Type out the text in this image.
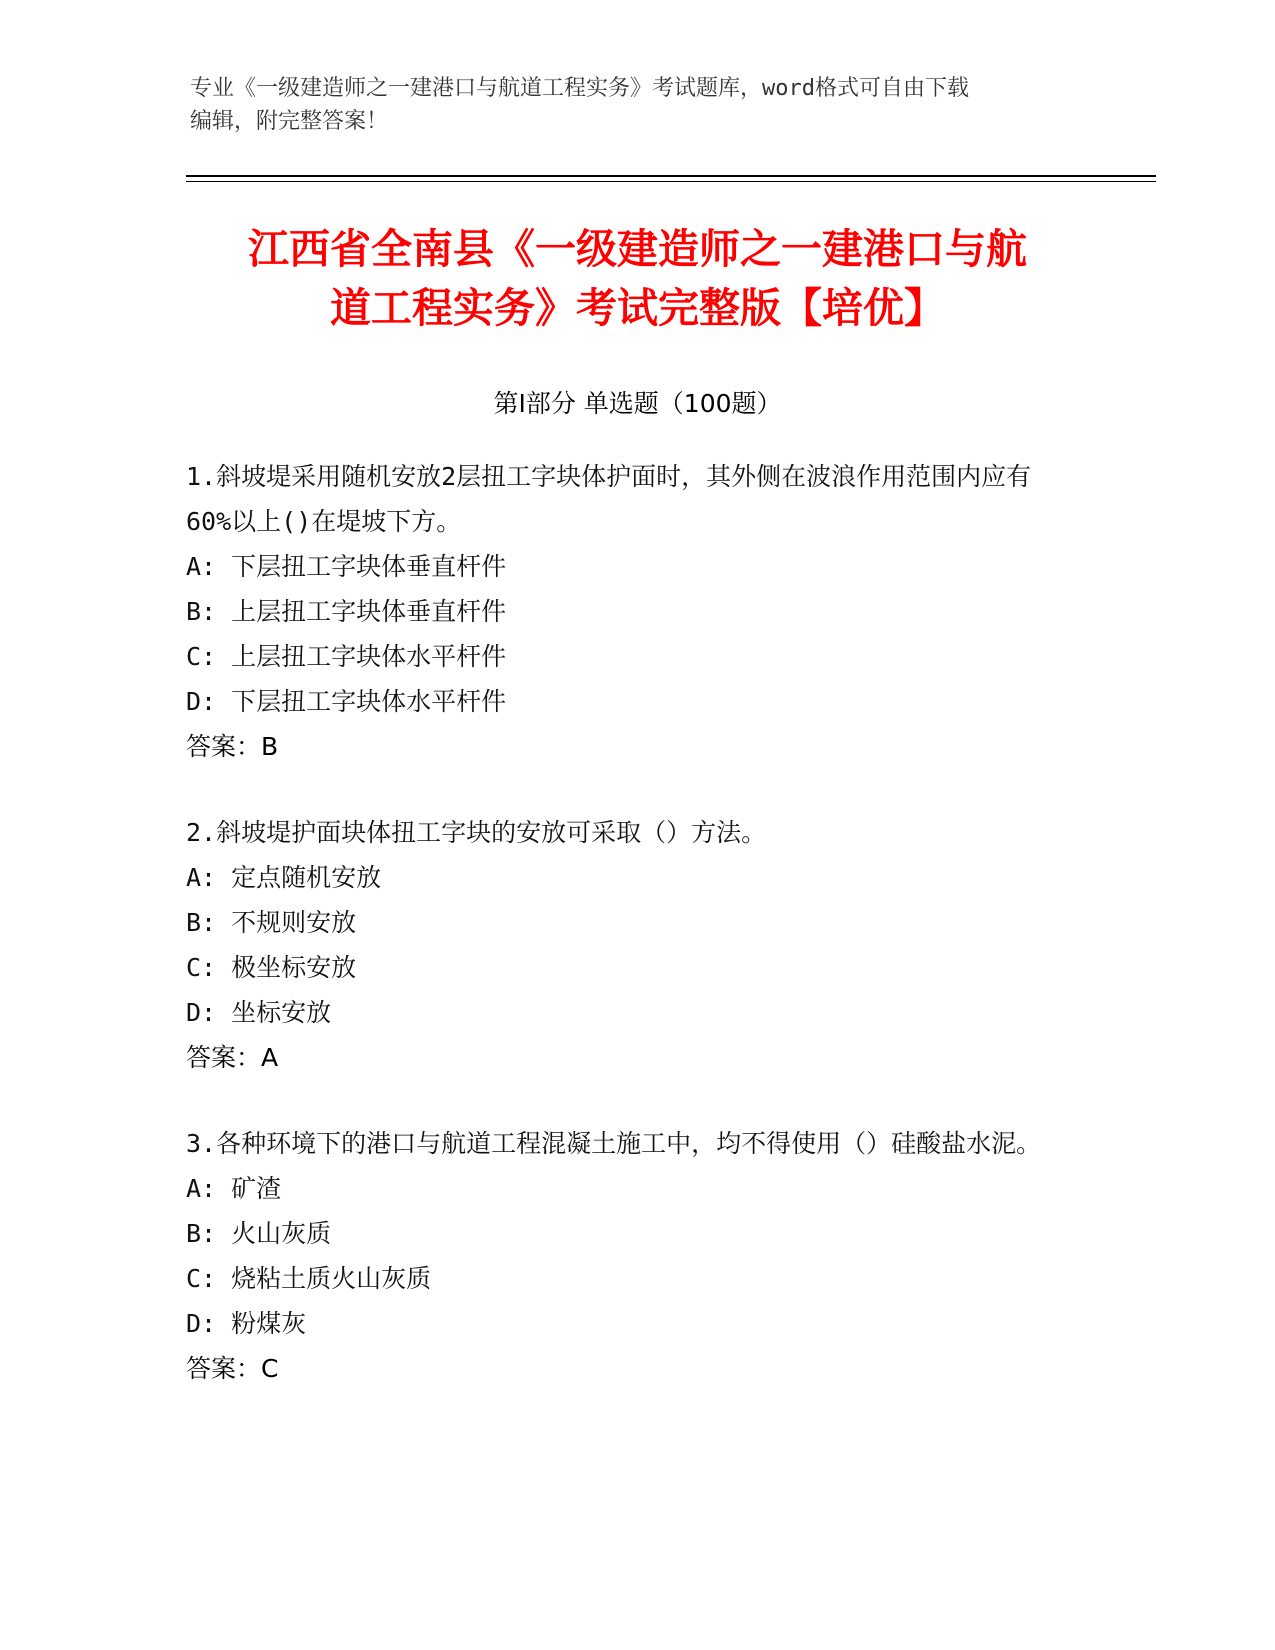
专业《一级建造师之一建港口与航道工程实务》考试题库，word格式可自由下载
编辑，附完整答案！
江西省全南县《一级建造师之一建港口与航
道工程实务》考试完整版【培优】
第Ⅰ部分 单选题（100题）
1.斜坡堤采用随机安放2层扭工字块体护面时，其外侧在波浪作用范围内应有60%以上()在堤坡下方。
A: 下层扭工字块体垂直杆件
B: 上层扭工字块体垂直杆件
C: 上层扭工字块体水平杆件
D: 下层扭工字块体水平杆件
答案：B
2.斜坡堤护面块体扭工字块的安放可采取（）方法。
A: 定点随机安放
B: 不规则安放
C: 极坐标安放
D: 坐标安放
答案：A
3.各种环境下的港口与航道工程混凝土施工中，均不得使用（）硅酸盐水泥。
A: 矿渣
B: 火山灰质
C: 烧粘土质火山灰质
D: 粉煤灰
答案：C
